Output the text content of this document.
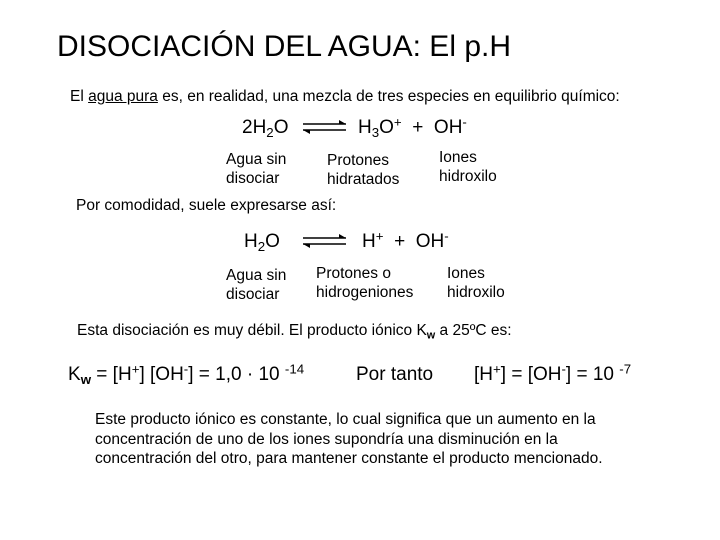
DISOCIACIÓN DEL AGUA: El p.H
El agua pura es, en realidad, una mezcla de tres especies en equilibrio químico:
$2H_2O$ ⇌ $H_3O^+ + OH^-$
Agua sin
disociar
Protones
hidratados
Iones
hidroxilo
Por comodidad, suele expresarse así:
$H_2O$ ⇌ H+ + OH-
Agua sin
disociar
Protones o
hidrogeniones
Iones
hidroxilo
Esta disociación es muy débil. El producto iónico $K_w$ a 25ºC es:
$K_w = [H^+] [OH^-] = 1,0 \cdot 10$ $^{-14}$	Por tanto [H+] = [OH-] = 10 $^{-7}$
Este producto iónico es constante, lo cual significa que un aumento en la concentración de uno de los iones supondría una disminución en la concentración del otro, para mantener constante el producto mencionado.
